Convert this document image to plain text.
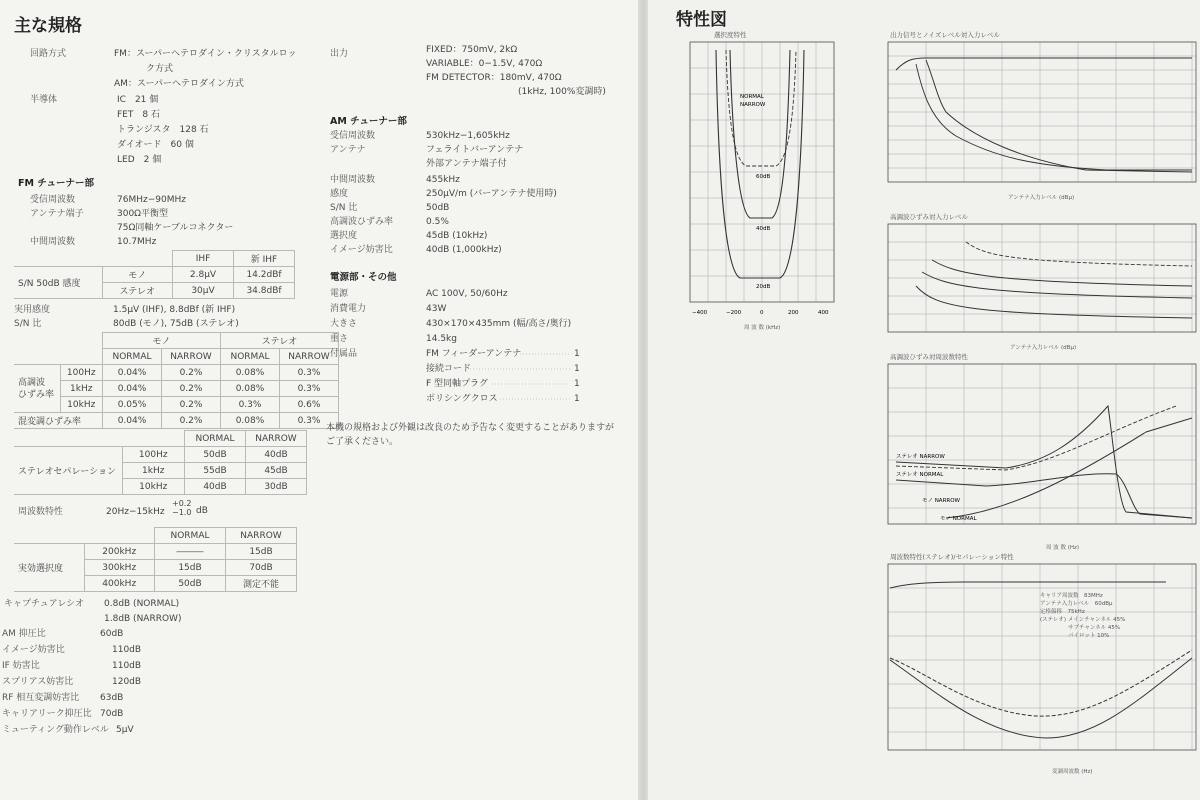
主な規格
回路方式	FM：スーパーヘテロダイン・クリスタルロッ
ク方式
AM：スーパーヘテロダイン方式
半導体	IC　21 個
FET　8 石
トランジスタ　128 石
ダイオード　60 個
LED　2 個
FM チューナー部
受信周波数	76MHz−90MHz
アンテナ端子	300Ω平衡型
75Ω同軸ケーブルコネクター
中間周波数	10.7MHz
		IHF	新 IHF
S/N 50dB 感度	モノ	2.8μV	14.2dBf
	ステレオ	30μV	34.8dBf
実用感度	1.5μV (IHF), 8.8dBf (新 IHF)
S/N 比	80dB (モノ), 75dB (ステレオ)
		モノ		ステレオ	
		NORMAL	NARROW	NORMAL	NARROW
高調波
ひずみ率	100Hz	0.04%	0.2%	0.08%	0.3%
	1kHz	0.04%	0.2%	0.08%	0.3%
	10kHz	0.05%	0.2%	0.3%	0.6%
混変調ひずみ率		0.04%	0.2%	0.08%	0.3%
		NORMAL	NARROW
ステレオセパレーション	100Hz	50dB	40dB
	1kHz	55dB	45dB
	10kHz	40dB	30dB
周波数特性	20Hz−15kHz
+0.2
−1.0 dB
		NORMAL	NARROW
実効選択度	200kHz	―――	15dB
	300kHz	15dB	70dB
	400kHz	50dB	測定不能
キャプチュアレシオ 0.8dB (NORMAL)
1.8dB (NARROW)
AM 抑圧比	60dB
イメージ妨害比	110dB
IF 妨害比	110dB
スプリアス妨害比	120dB
RF 相互変調妨害比 63dB
キャリアリーク抑圧比 70dB
ミューティング動作レベル 5μV
出力	FIXED：750mV, 2kΩ
VARIABLE：0−1.5V, 470Ω
FM DETECTOR：180mV, 470Ω
(1kHz, 100%変調時)
AM チューナー部
受信周波数	530kHz−1,605kHz
アンテナ	フェライトバーアンテナ
外部アンテナ端子付
中間周波数	455kHz
感度	250μV/m (バーアンテナ使用時)
S/N 比	50dB
高調波ひずみ率	0.5%
選択度	45dB (10kHz)
イメージ妨害比	40dB (1,000kHz)
電源部・その他
電源	AC 100V, 50/60Hz
消費電力	43W
大きさ	430×170×435mm (幅/高さ/奥行)
重さ	14.5kg
付属品	FM フィーダーアンテナ	1
接続コード	1
F 型同軸プラグ	1
ポリシングクロス	1
本機の規格および外観は改良のため予告なく変更することがありますが
ご了承ください。
特性図
選択度特性
60dB
40dB
20dB
NORMAL
NARROW
−400	−200	0	200	400
周 波 数 (kHz)
出力信号とノイズレベル対入力レベル
アンテナ入力レベル (dBμ)
高調波ひずみ対入力レベル
アンテナ入力レベル (dBμ)
高調波ひずみ対周波数特性
ステレオ NARROW
ステレオ NORMAL
モノ NARROW
モノ NORMAL
周 波 数 (Hz)
周波数特性(ステレオ)/セパレーション特性
変調周波数 (Hz)
キャリア周波数　83MHz
アンテナ入力レベル　60dBμ
定格偏移　75kHz
(ステレオ) メインチャンネル 45%
サブチャンネル 45%
パイロット 10%
